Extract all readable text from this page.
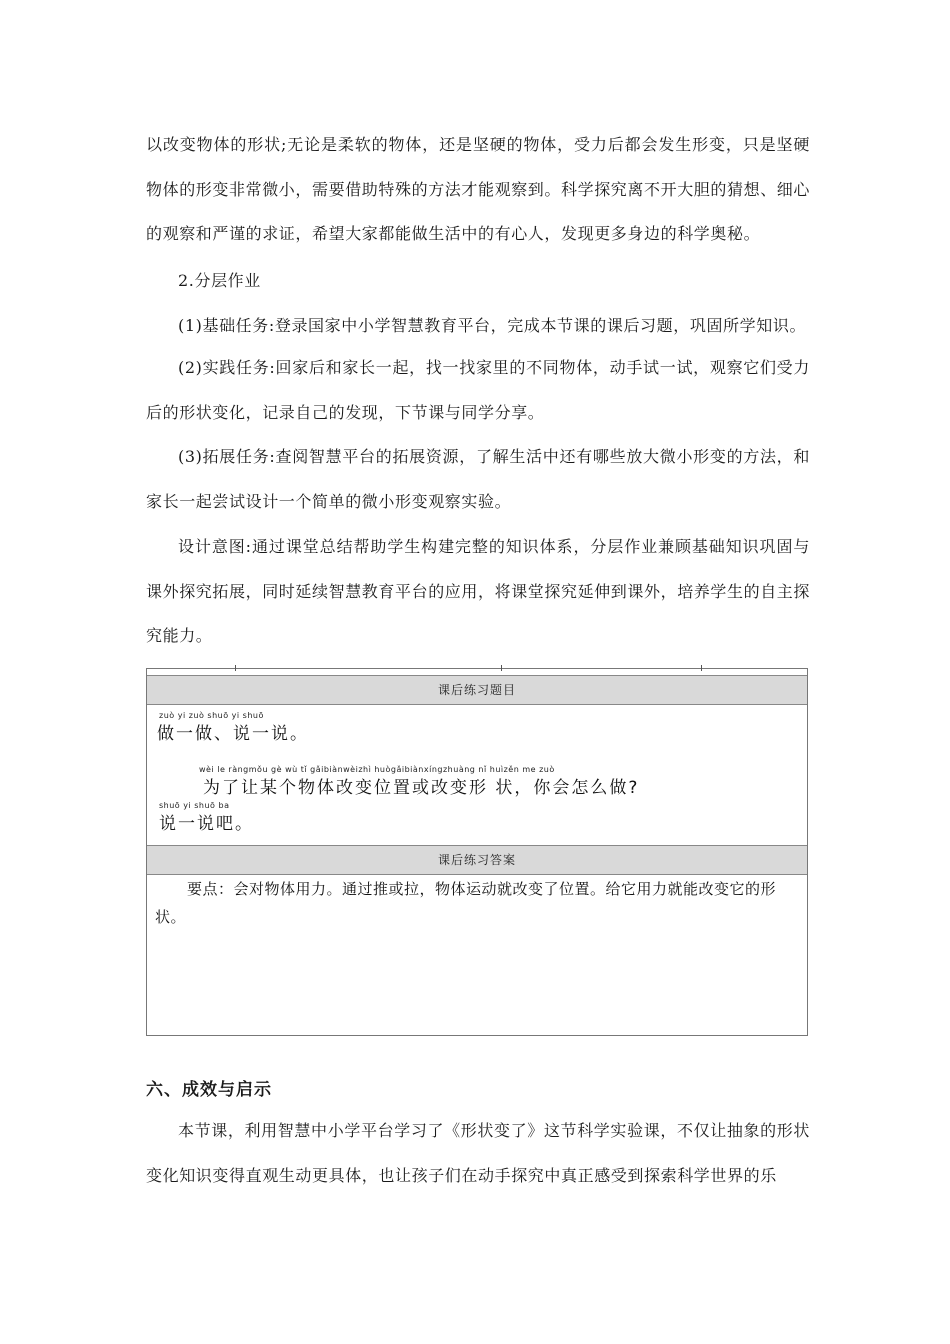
以改变物体的形状;无论是柔软的物体，还是坚硬的物体，受力后都会发生形变，只是坚硬物体的形变非常微小，需要借助特殊的方法才能观察到。科学探究离不开大胆的猜想、细心的观察和严谨的求证，希望大家都能做生活中的有心人，发现更多身边的科学奥秘。

2.分层作业

(1)基础任务:登录国家中小学智慧教育平台，完成本节课的课后习题，巩固所学知识。

(2)实践任务:回家后和家长一起，找一找家里的不同物体，动手试一试，观察它们受力后的形状变化，记录自己的发现，下节课与同学分享。

(3)拓展任务:查阅智慧平台的拓展资源，了解生活中还有哪些放大微小形变的方法，和家长一起尝试设计一个简单的微小形变观察实验。

设计意图:通过课堂总结帮助学生构建完整的知识体系，分层作业兼顾基础知识巩固与课外探究拓展，同时延续智慧教育平台的应用，将课堂探究延伸到课外，培养学生的自主探究能力。

课后练习题目
zuò yi zuò shuō yi shuō
做一做、说一说。
wèi le ràngmǒu gè wù tǐ gǎibiànwèizhì huògǎibiànxíngzhuàng nǐ huìzěn me zuò
为了让某个物体改变位置或改变形 状，你会怎么做?
shuō yi shuō ba
说一说吧。
课后练习答案
要点：会对物体用力。通过推或拉，物体运动就改变了位置。给它用力就能改变它的形状。
六、成效与启示

本节课，利用智慧中小学平台学习了《形状变了》这节科学实验课，不仅让抽象的形状变化知识变得直观生动更具体，也让孩子们在动手探究中真正感受到探索科学世界的乐
